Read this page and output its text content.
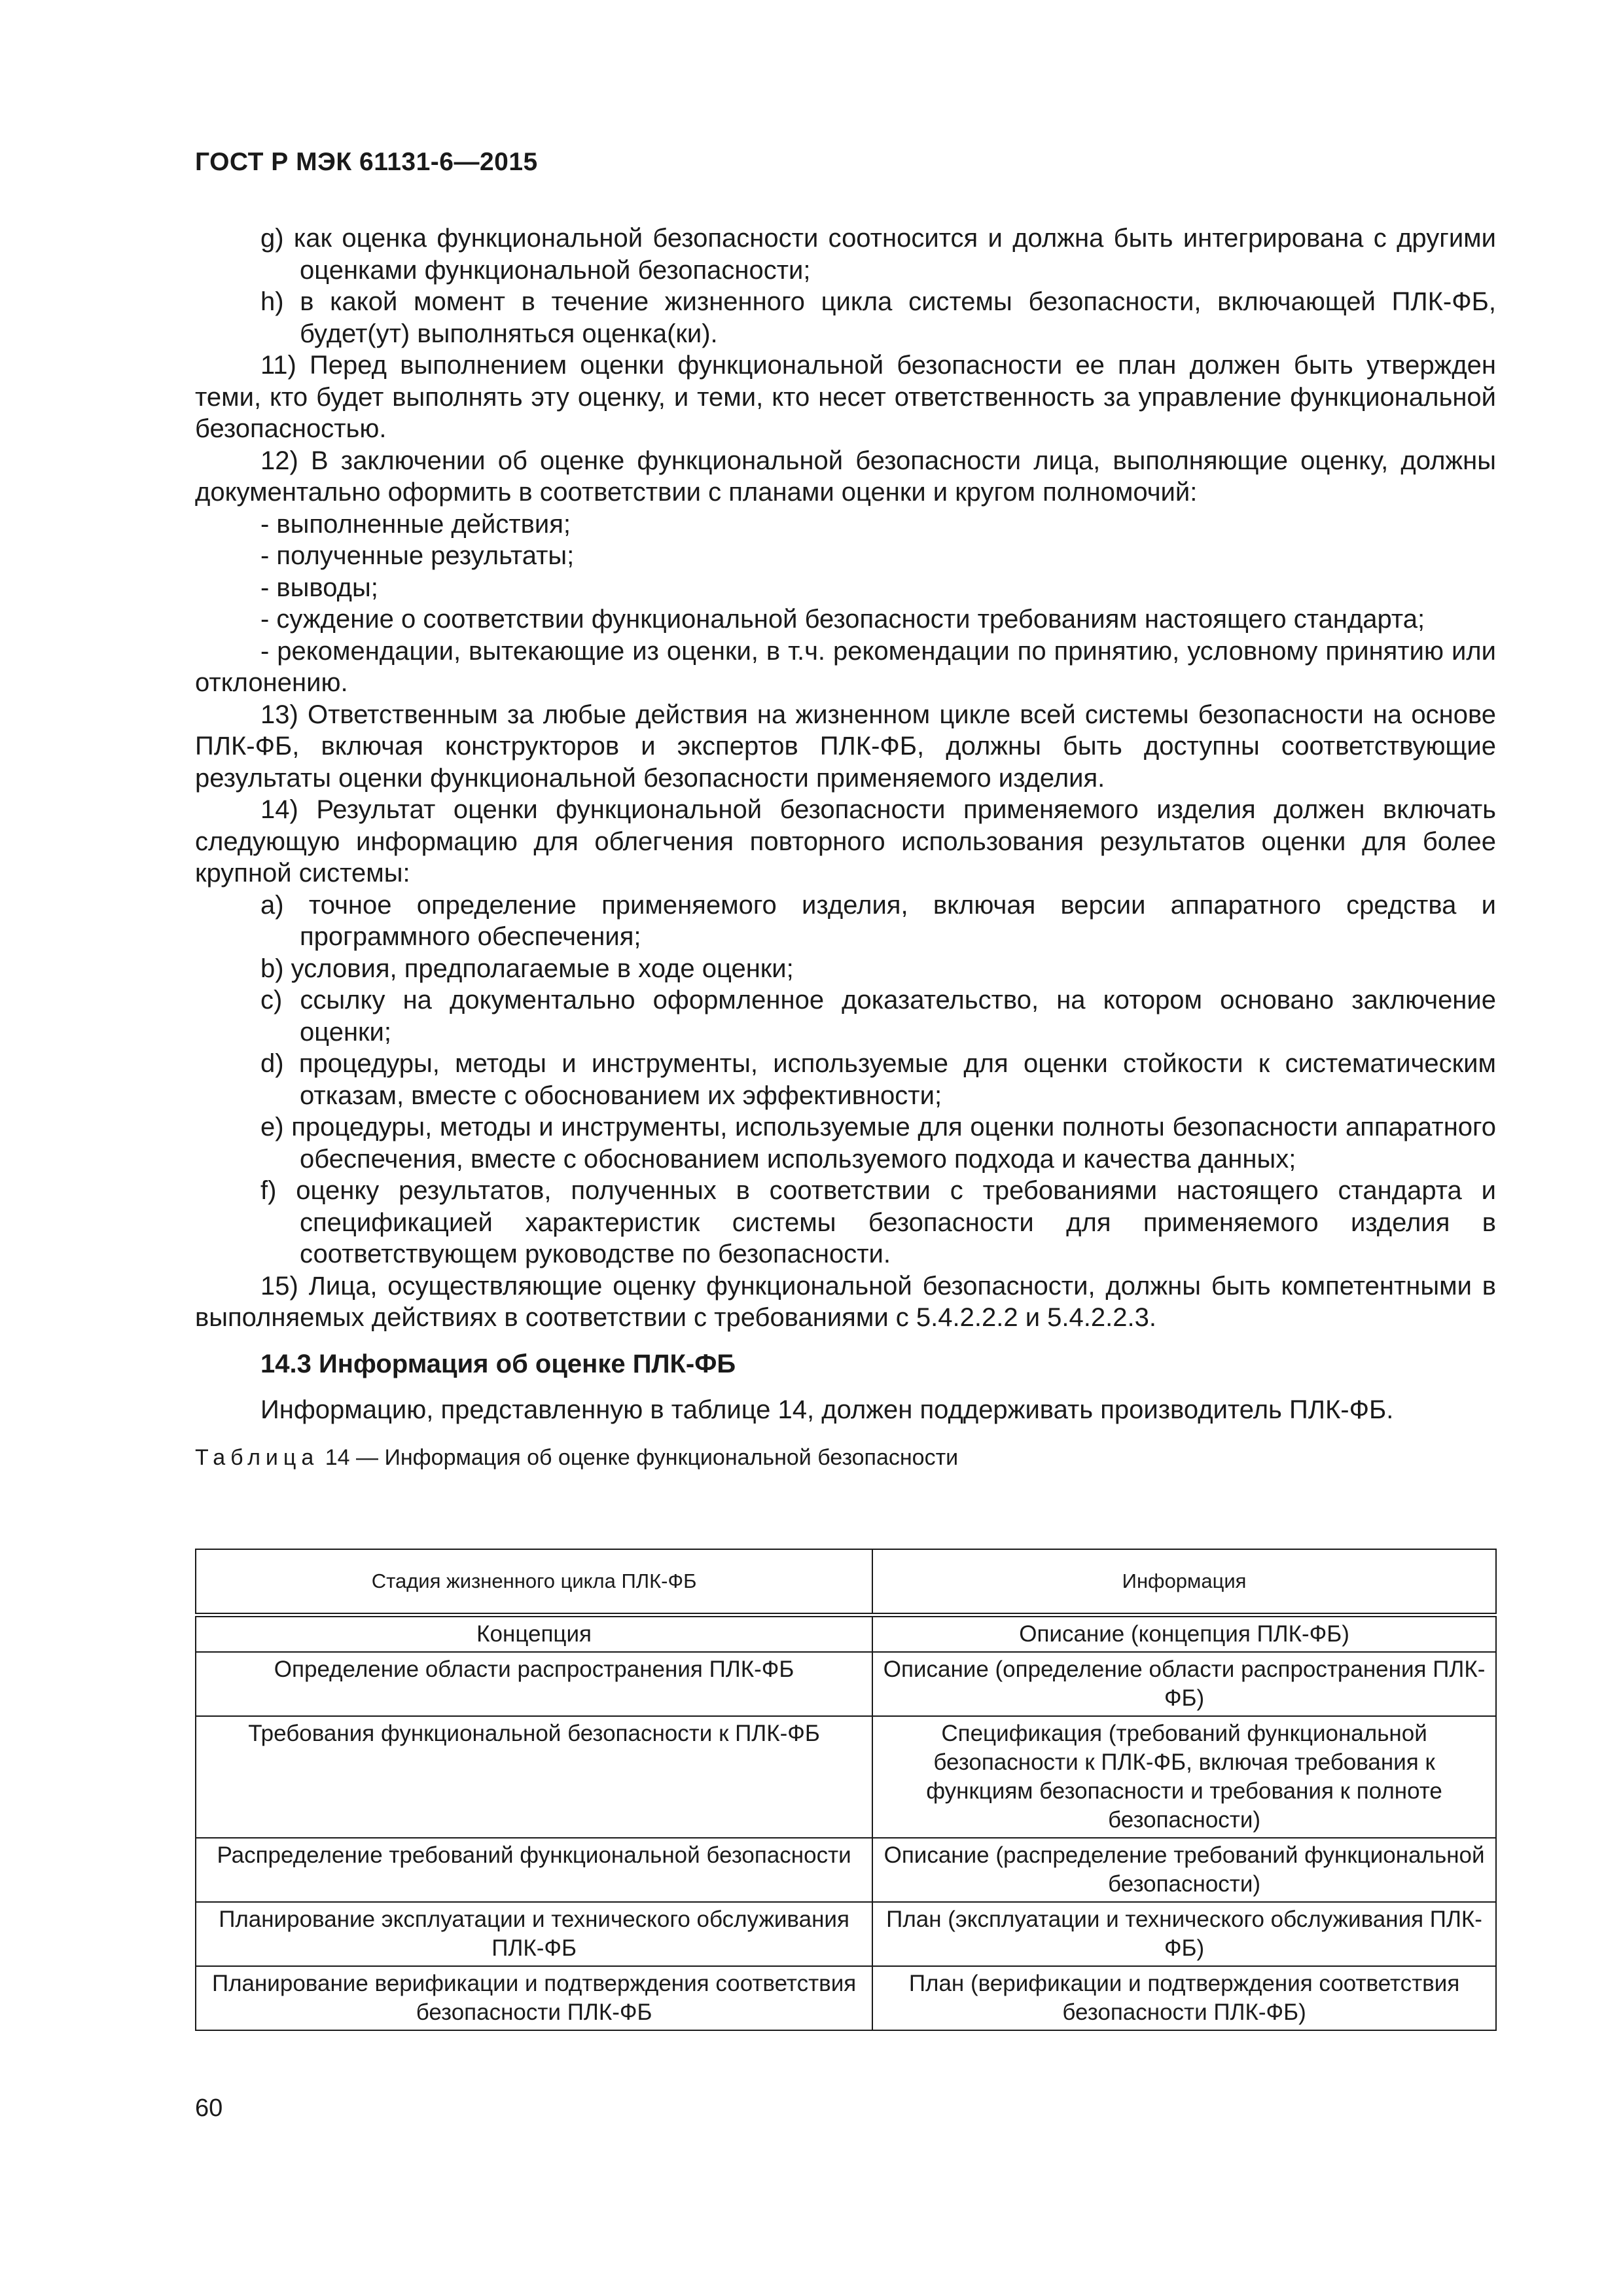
ГОСТ Р МЭК 61131-6—2015

g) как оценка функциональной безопасности соотносится и должна быть интегрирована с другими оценками функциональной безопасности;

h) в какой момент в течение жизненного цикла системы безопасности, включающей ПЛК-ФБ, будет(ут) выполняться оценка(ки).

11) Перед выполнением оценки функциональной безопасности ее план должен быть утвержден теми, кто будет выполнять эту оценку, и теми, кто несет ответственность за управление функциональной безопасностью.

12) В заключении об оценке функциональной безопасности лица, выполняющие оценку, должны документально оформить в соответствии с планами оценки и кругом полномочий:

- выполненные действия;

- полученные результаты;

- выводы;

- суждение о соответствии функциональной безопасности требованиям настоящего стандарта;

- рекомендации, вытекающие из оценки, в т.ч. рекомендации по принятию, условному принятию или отклонению.

13) Ответственным за любые действия на жизненном цикле всей системы безопасности на основе ПЛК-ФБ, включая конструкторов и экспертов ПЛК-ФБ, должны быть доступны соответствующие результаты оценки функциональной безопасности применяемого изделия.

14) Результат оценки функциональной безопасности применяемого изделия должен включать следующую информацию для облегчения повторного использования результатов оценки для более крупной системы:

a) точное определение применяемого изделия, включая версии аппаратного средства и программного обеспечения;

b) условия, предполагаемые в ходе оценки;

c) ссылку на документально оформленное доказательство, на котором основано заключение оценки;

d) процедуры, методы и инструменты, используемые для оценки стойкости к систематическим отказам, вместе с обоснованием их эффективности;

e) процедуры, методы и инструменты, используемые для оценки полноты безопасности аппаратного обеспечения, вместе с обоснованием используемого подхода и качества данных;

f) оценку результатов, полученных в соответствии с требованиями настоящего стандарта и спецификацией характеристик системы безопасности для применяемого изделия в соответствующем руководстве по безопасности.

15) Лица, осуществляющие оценку функциональной безопасности, должны быть компетентными в выполняемых действиях в соответствии с требованиями с 5.4.2.2.2 и 5.4.2.2.3.

14.3 Информация об оценке ПЛК-ФБ

Информацию, представленную в таблице 14, должен поддерживать производитель ПЛК-ФБ.

Таблица 14 — Информация об оценке функциональной безопасности

Стадия жизненного цикла ПЛК-ФБ	Информация
Концепция	Описание (концепция ПЛК-ФБ)
Определение области распространения ПЛК-ФБ	Описание (определение области распространения ПЛК-ФБ)
Требования функциональной безопасности к ПЛК-ФБ	Спецификация (требований функциональной безопасности к ПЛК-ФБ, включая требования к функциям безопасности и требования к полноте безопасности)
Распределение требований функциональной безопасности	Описание (распределение требований функциональной безопасности)
Планирование эксплуатации и технического обслуживания ПЛК-ФБ	План (эксплуатации и технического обслуживания ПЛК-ФБ)
Планирование верификации и подтверждения соответствия безопасности ПЛК-ФБ	План (верификации и подтверждения соответствия безопасности ПЛК-ФБ)
60
